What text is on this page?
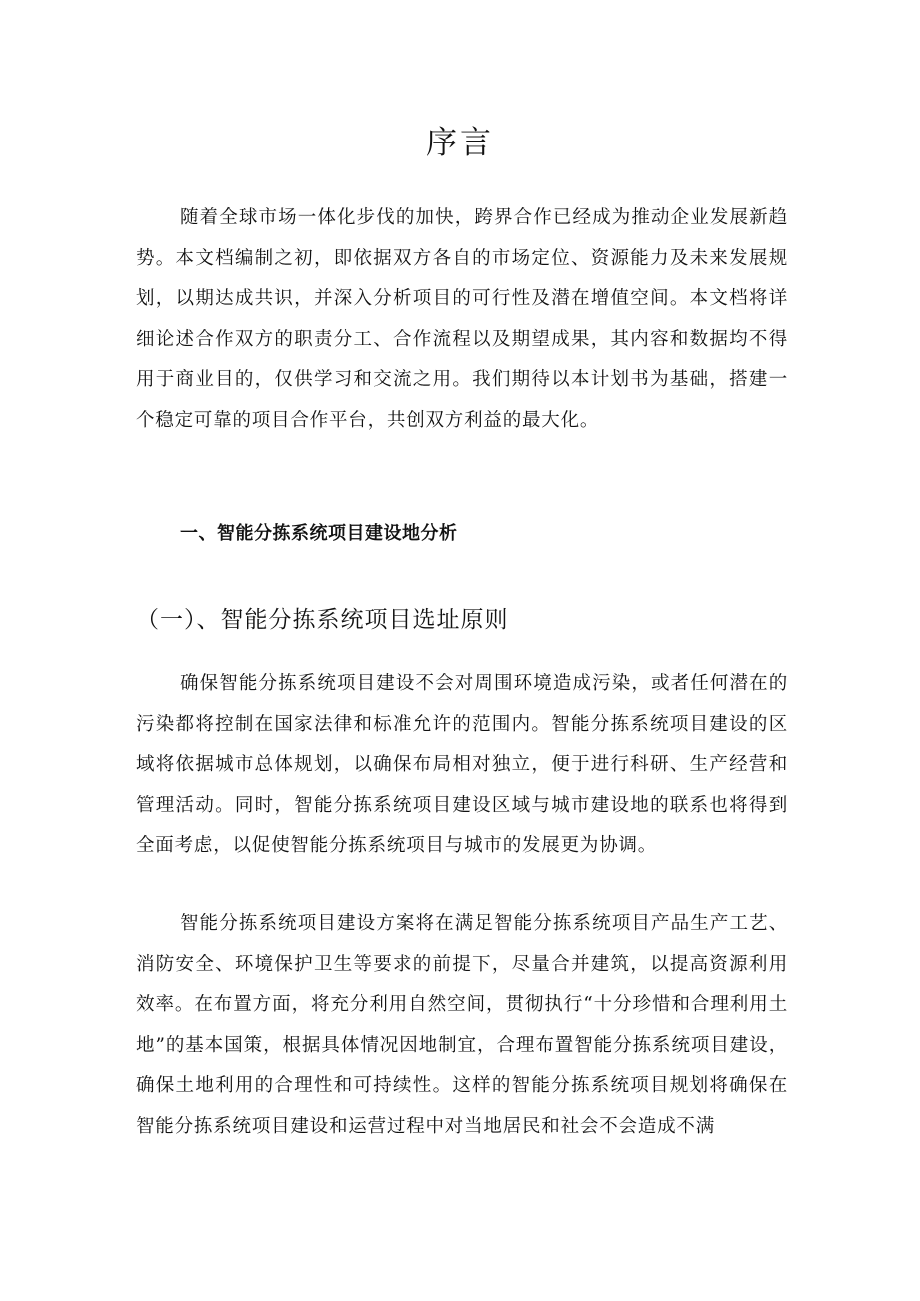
序言

随着全球市场一体化步伐的加快，跨界合作已经成为推动企业发展新趋势。本文档编制之初，即依据双方各自的市场定位、资源能力及未来发展规划，以期达成共识，并深入分析项目的可行性及潜在增值空间。本文档将详细论述合作双方的职责分工、合作流程以及期望成果，其内容和数据均不得用于商业目的，仅供学习和交流之用。我们期待以本计划书为基础，搭建一个稳定可靠的项目合作平台，共创双方利益的最大化。

一、智能分拣系统项目建设地分析
（一）、智能分拣系统项目选址原则

确保智能分拣系统项目建设不会对周围环境造成污染，或者任何潜在的污染都将控制在国家法律和标准允许的范围内。智能分拣系统项目建设的区域将依据城市总体规划，以确保布局相对独立，便于进行科研、生产经营和管理活动。同时，智能分拣系统项目建设区域与城市建设地的联系也将得到全面考虑，以促使智能分拣系统项目与城市的发展更为协调。

智能分拣系统项目建设方案将在满足智能分拣系统项目产品生产工艺、消防安全、环境保护卫生等要求的前提下，尽量合并建筑，以提高资源利用效率。在布置方面，将充分利用自然空间，贯彻执行“十分珍惜和合理利用土地”的基本国策，根据具体情况因地制宜，合理布置智能分拣系统项目建设，确保土地利用的合理性和可持续性。这样的智能分拣系统项目规划将确保在智能分拣系统项目建设和运营过程中对当地居民和社会不会造成不满
